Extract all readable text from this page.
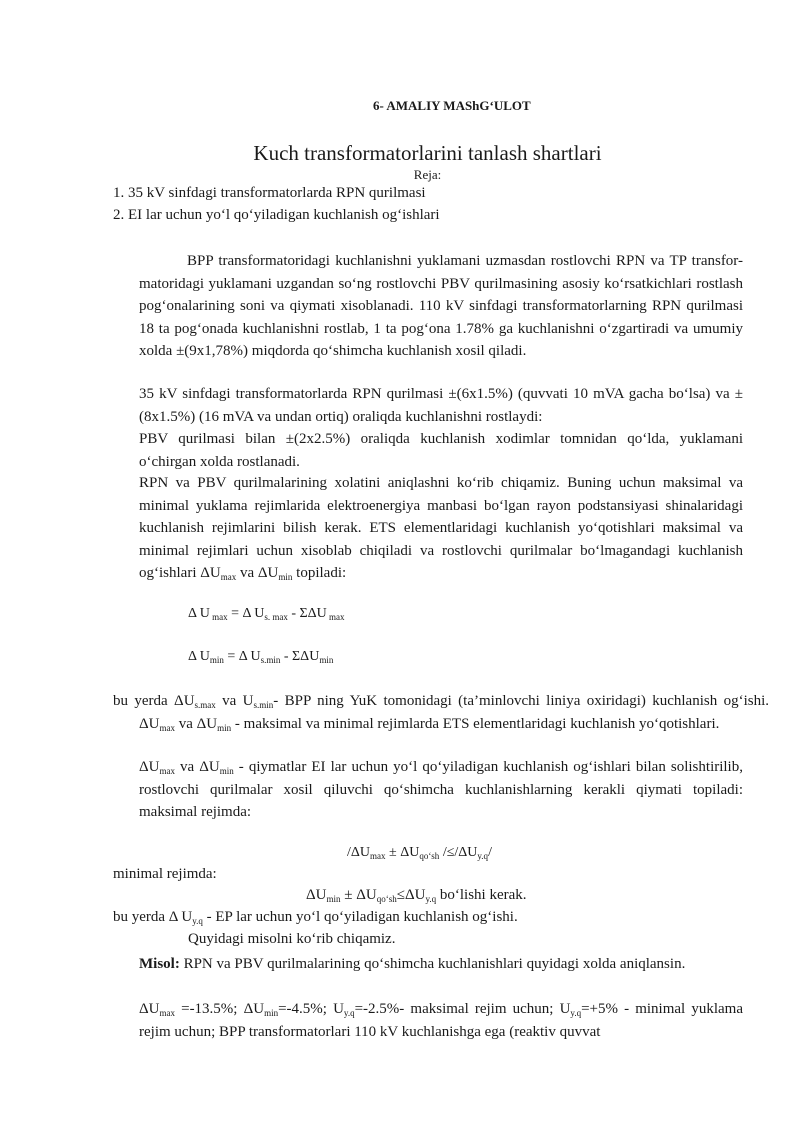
6- AMALIY MAShG‘ULOT
Kuch transformatorlarini tanlash shartlari
Reja:
1. 35 kV sinfdagi transformatorlarda RPN qurilmasi
2. EI lar uchun yo‘l qo‘yiladigan kuchlanish og‘ishlari
BPP transformatoridagi kuchlanishni yuklamani uzmasdan rostlovchi RPN va TP transfor-matoridagi yuklamani uzgandan so‘ng rostlovchi PBV qurilmasining asosiy ko‘rsatkichlari rostlash pog‘onalarining soni va qiymati xisoblanadi. 110 kV sinfdagi transformatorlarning RPN qurilmasi 18 ta pog‘onada kuchlanishni rostlab, 1 ta pog‘ona 1.78% ga kuchlanishni o‘zgartiradi va umumiy xolda ±(9x1,78%) miqdorda qo‘shimcha kuchlanish xosil qiladi.
35 kV sinfdagi transformatorlarda RPN qurilmasi ±(6x1.5%) (quvvati 10 mVA gacha bo‘lsa) va ±(8x1.5%) (16 mVA va undan ortiq) oraliqda kuchlanishni rostlaydi:
PBV qurilmasi bilan ±(2x2.5%) oraliqda kuchlanish xodimlar tomnidan qo‘lda, yuklamani o‘chirgan xolda rostlanadi.
RPN va PBV qurilmalarining xolatini aniqlashni ko‘rib chiqamiz. Buning uchun maksimal va minimal yuklama rejimlarida elektroenergiya manbasi bo‘lgan rayon podstansiyasi shinalaridagi kuchlanish rejimlarini bilish kerak. ETS elementlaridagi kuchlanish yo‘qotishlari maksimal va minimal rejimlari uchun xisoblab chiqiladi va rostlovchi qurilmalar bo‘lmagandagi kuchlanish og‘ishlari $\Delta U_{max}$ va $\Delta U_{min}$ topiladi:
Δ U $_{max}$ = Δ $U_{s. max}$ - ΣΔU $_{max}$
Δ $U_{min} = \Delta$ $U_{s.min} - \Sigma\Delta U_{min}$
bu yerda $\Delta U_{s.max}$ va $U_{s.min}-$ BPP ning YuK tomonidagi (ta’minlovchi liniya oxiridagi) kuchlanish og‘ishi. $\Delta U_{max}$ va $\Delta U_{min}$ - maksimal va minimal rejimlarda ETS elementlaridagi kuchlanish yo‘qotishlari.
$\Delta U_{max}$ va $\Delta U_{min}$ - qiymatlar EI lar uchun yo‘l qo‘yiladigan kuchlanish og‘ishlari bilan solishtirilib, rostlovchi qurilmalar xosil qiluvchi qo‘shimcha kuchlanishlarning kerakli qiymati topiladi: maksimal rejimda:
$/\Delta U_{max} \pm \Delta U_{qo‘sh}$ $/\le/\Delta U_{y.q}/$
minimal rejimda:
$\Delta U_{min} \pm \Delta U_{qo‘sh}\le\Delta U_{y.q}$ bo‘lishi kerak.
bu yerda Δ $U_{y.q}$ - EP lar uchun yo‘l qo‘yiladigan kuchlanish og‘ishi.
Quyidagi misolni ko‘rib chiqamiz.
Misol: RPN va PBV qurilmalarining qo‘shimcha kuchlanishlari quyidagi xolda aniqlansin.
$\Delta U_{max} =-13.5\%$; $\Delta U_{min}=-4.5\%$; $U_{y.q}=-2.5\%-$ maksimal rejim uchun; $U_{y.q}=+5\%$ - minimal yuklama rejim uchun; BPP transformatorlari 110 kV kuchlanishga ega (reaktiv quvvat
